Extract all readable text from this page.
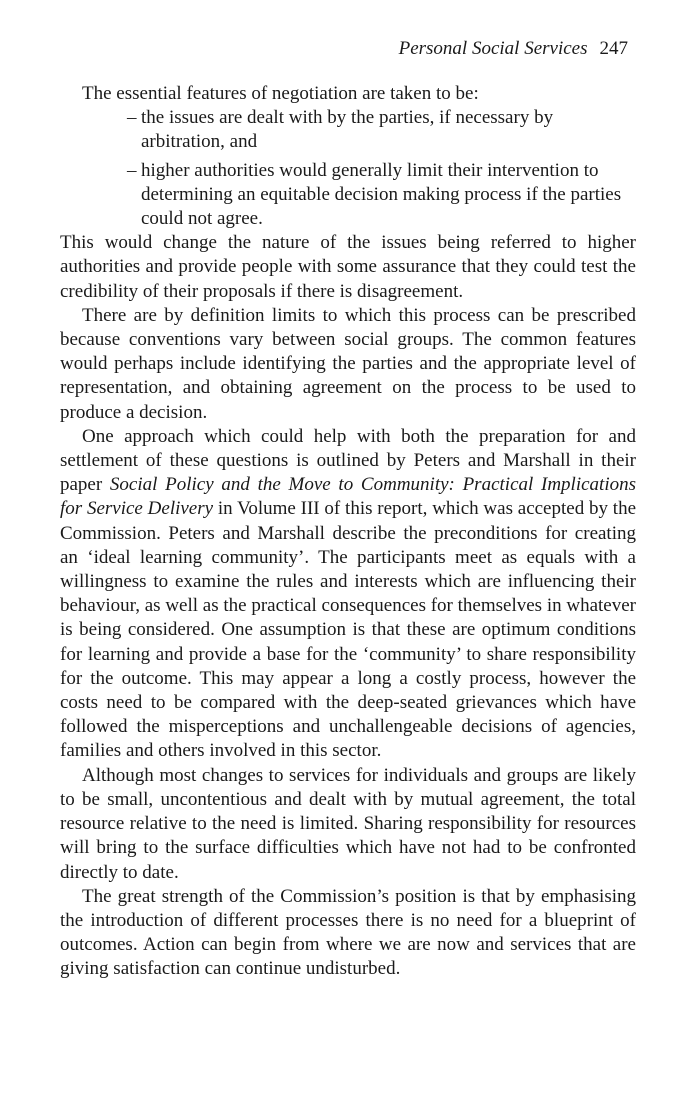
Personal Social Services 247

The essential features of negotiation are taken to be:

– the issues are dealt with by the parties, if necessary by arbitration, and
– higher authorities would generally limit their intervention to determining an equitable decision making process if the parties could not agree.

This would change the nature of the issues being referred to higher authorities and provide people with some assurance that they could test the credibility of their proposals if there is disagreement.

There are by definition limits to which this process can be prescribed because conventions vary between social groups. The common features would perhaps include identifying the parties and the appropriate level of representation, and obtaining agreement on the process to be used to produce a decision.

One approach which could help with both the preparation for and settlement of these questions is outlined by Peters and Marshall in their paper Social Policy and the Move to Community: Practical Implications for Service Delivery in Volume III of this report, which was accepted by the Commission. Peters and Marshall describe the preconditions for creating an ‘ideal learning community’. The participants meet as equals with a willingness to examine the rules and interests which are influencing their behaviour, as well as the practical consequences for themselves in whatever is being considered. One assumption is that these are optimum conditions for learning and provide a base for the ‘community’ to share responsibility for the outcome. This may appear a long a costly process, however the costs need to be compared with the deep-seated grievances which have followed the misperceptions and unchallengeable decisions of agencies, families and others involved in this sector.

Although most changes to services for individuals and groups are likely to be small, uncontentious and dealt with by mutual agreement, the total resource relative to the need is limited. Sharing responsibility for resources will bring to the surface difficulties which have not had to be confronted directly to date.

The great strength of the Commission’s position is that by emphasising the introduction of different processes there is no need for a blueprint of outcomes. Action can begin from where we are now and services that are giving satisfaction can continue undisturbed.
